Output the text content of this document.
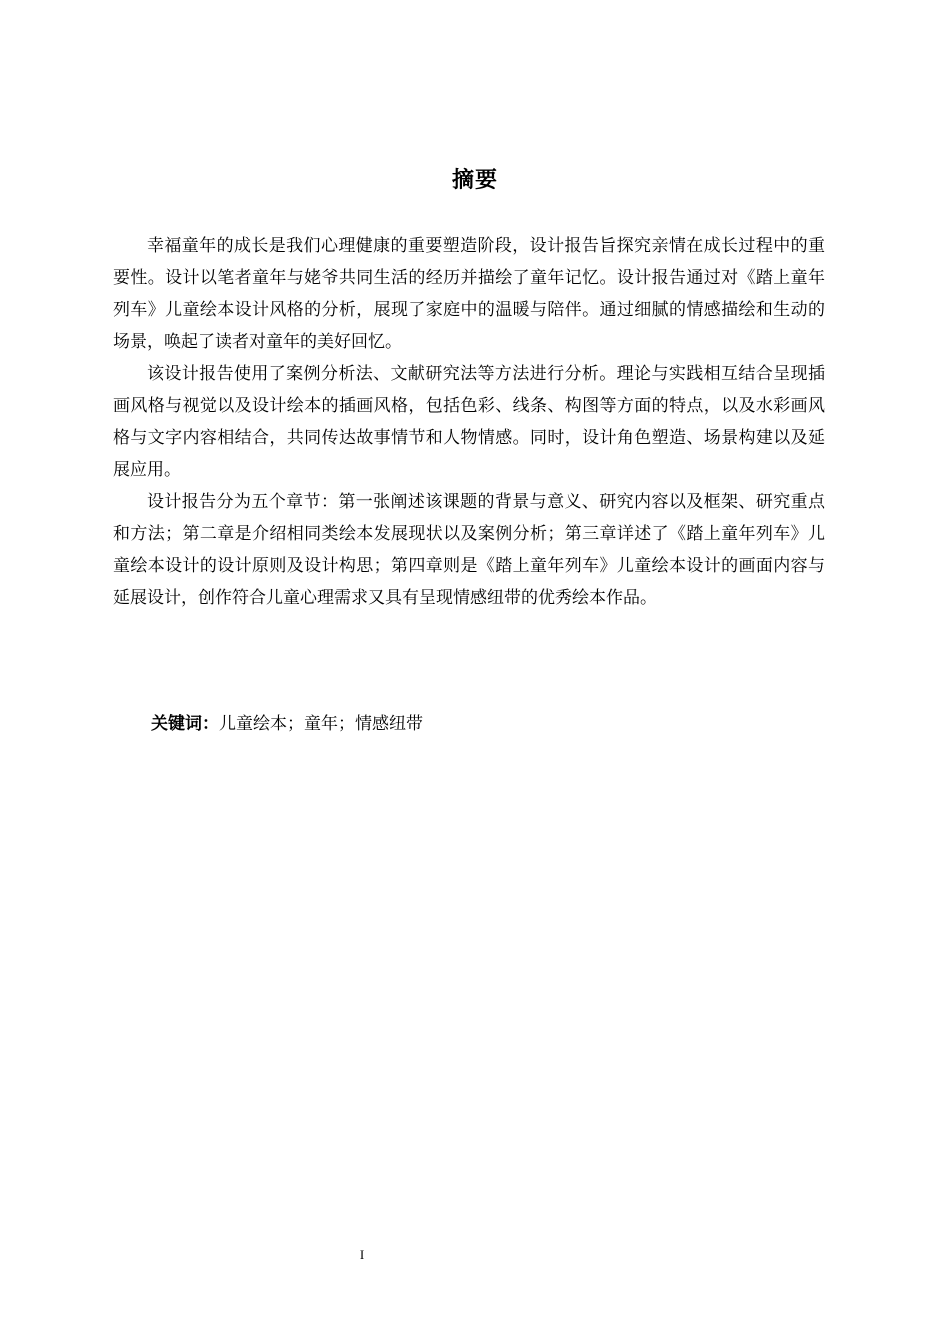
摘要

幸福童年的成长是我们心理健康的重要塑造阶段，设计报告旨探究亲情在成长过程中的重要性。设计以笔者童年与姥爷共同生活的经历并描绘了童年记忆。设计报告通过对《踏上童年列车》儿童绘本设计风格的分析，展现了家庭中的温暖与陪伴。通过细腻的情感描绘和生动的场景，唤起了读者对童年的美好回忆。

该设计报告使用了案例分析法、文献研究法等方法进行分析。理论与实践相互结合呈现插画风格与视觉以及设计绘本的插画风格，包括色彩、线条、构图等方面的特点，以及水彩画风格与文字内容相结合，共同传达故事情节和人物情感。同时，设计角色塑造、场景构建以及延展应用。

设计报告分为五个章节：第一张阐述该课题的背景与意义、研究内容以及框架、研究重点和方法；第二章是介绍相同类绘本发展现状以及案例分析；第三章详述了《踏上童年列车》儿童绘本设计的设计原则及设计构思；第四章则是《踏上童年列车》儿童绘本设计的画面内容与延展设计，创作符合儿童心理需求又具有呈现情感纽带的优秀绘本作品。

关键词：儿童绘本；童年；情感纽带
I
